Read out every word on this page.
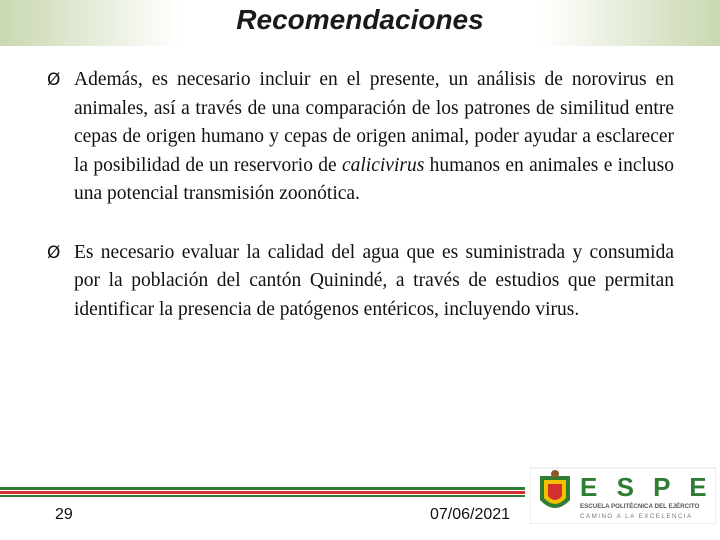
Recomendaciones
Ø Además, es necesario incluir en el presente, un análisis de norovirus en animales, así a través de una comparación de los patrones de similitud entre cepas de origen humano y cepas de origen animal, poder ayudar a esclarecer la posibilidad de un reservorio de calicivirus humanos en animales e incluso una potencial transmisión zoonótica.
Ø Es necesario evaluar la calidad del agua que es suministrada y consumida por la población del cantón Quinindé, a través de estudios que permitan identificar la presencia de patógenos entéricos, incluyendo virus.
29	07/06/2021
E S P E
ESCUELA POLITÉCNICA DEL EJÉRCITO
CAMINO A LA EXCELENCIA
